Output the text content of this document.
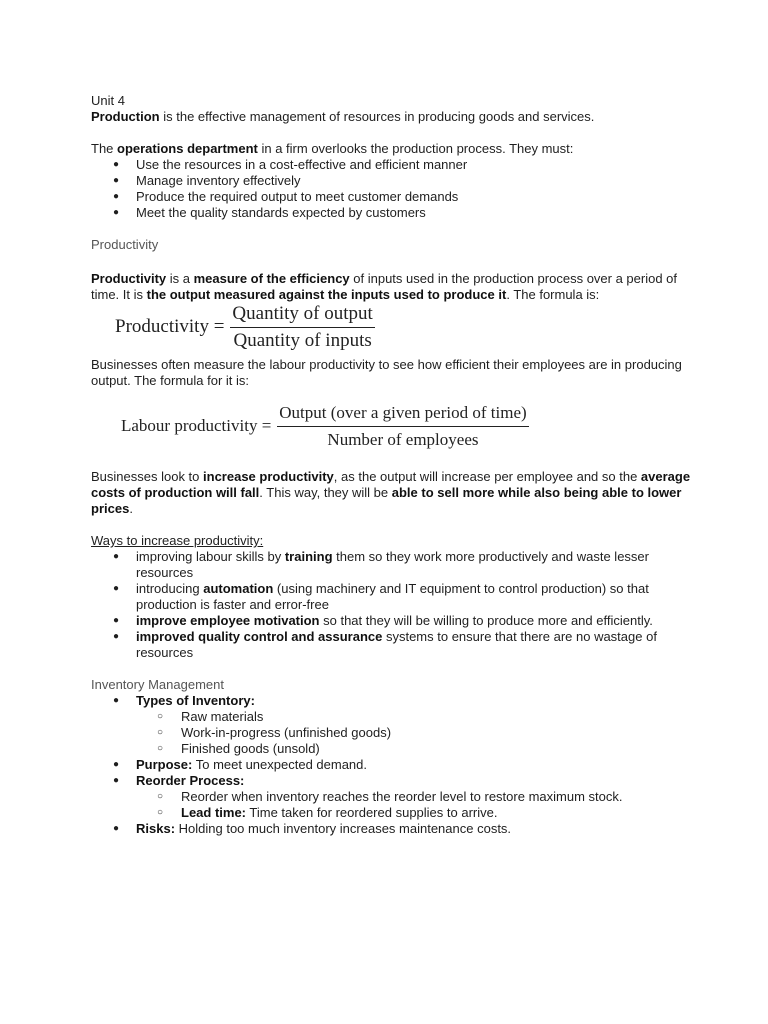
Unit 4

Production is the effective management of resources in producing goods and services.

The operations department in a firm overlooks the production process. They must:

● Use the resources in a cost-effective and efficient manner
● Manage inventory effectively
● Produce the required output to meet customer demands
● Meet the quality standards expected by customers

Productivity

Productivity is a measure of the efficiency of inputs used in the production process over a period of time. It is the output measured against the inputs used to produce it. The formula is:

Productivity = $\frac{\text{Quantity of output}}{\text{Quantity of inputs}}$

Businesses often measure the labour productivity to see how efficient their employees are in producing output. The formula for it is:

Labour productivity = $\frac{\text{Output (over a given period of time)}}{\text{Number of employees}}$

Businesses look to increase productivity, as the output will increase per employee and so the average costs of production will fall. This way, they will be able to sell more while also being able to lower prices.

Ways to increase productivity:

● improving labour skills by training them so they work more productively and waste lesser resources
● introducing automation (using machinery and IT equipment to control production) so that production is faster and error-free
● improve employee motivation so that they will be willing to produce more and efficiently.
● improved quality control and assurance systems to ensure that there are no wastage of resources

Inventory Management

● Types of Inventory:
○ Raw materials
○ Work-in-progress (unfinished goods)
○ Finished goods (unsold)
● Purpose: To meet unexpected demand.
● Reorder Process:
○ Reorder when inventory reaches the reorder level to restore maximum stock.
○ Lead time: Time taken for reordered supplies to arrive.
● Risks: Holding too much inventory increases maintenance costs.
